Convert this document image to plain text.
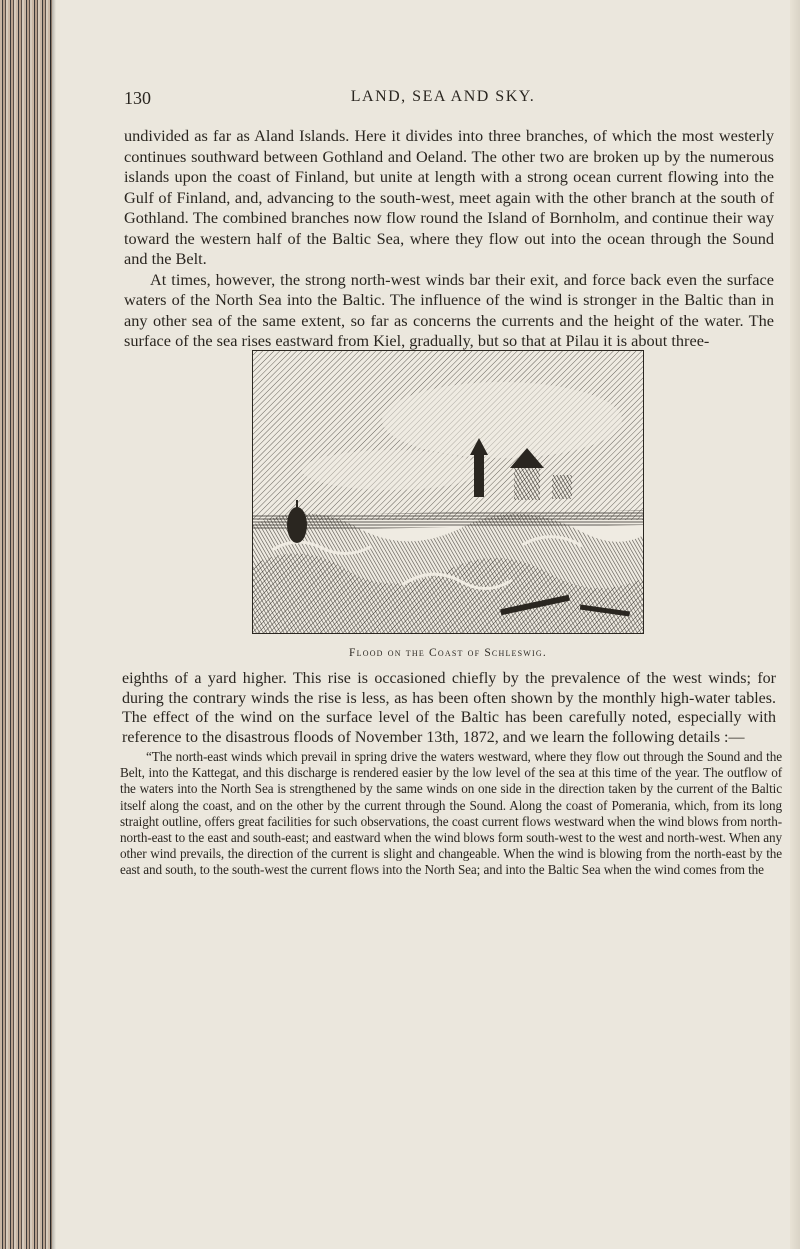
130	LAND, SEA AND SKY.

undivided as far as Aland Islands. Here it divides into three branches, of which the most westerly continues southward between Gothland and Oeland. The other two are broken up by the numerous islands upon the coast of Finland, but unite at length with a strong ocean current flowing into the Gulf of Finland, and, advancing to the south-west, meet again with the other branch at the south of Gothland. The combined branches now flow round the Island of Bornholm, and continue their way toward the western half of the Baltic Sea, where they flow out into the ocean through the Sound and the Belt.
At times, however, the strong north-west winds bar their exit, and force back even the surface waters of the North Sea into the Baltic. The influence of the wind is stronger in the Baltic than in any other sea of the same extent, so far as concerns the currents and the height of the water. The surface of the sea rises eastward from Kiel, gradually, but so that at Pilau it is about three-

Flood on the Coast of Schleswig.

eighths of a yard higher. This rise is occasioned chiefly by the prevalence of the west winds; for during the contrary winds the rise is less, as has been often shown by the monthly high-water tables. The effect of the wind on the surface level of the Baltic has been carefully noted, especially with reference to the disastrous floods of November 13th, 1872, and we learn the following details :—

“The north-east winds which prevail in spring drive the waters westward, where they flow out through the Sound and the Belt, into the Kattegat, and this discharge is rendered easier by the low level of the sea at this time of the year. The outflow of the waters into the North Sea is strengthened by the same winds on one side in the direction taken by the current of the Baltic itself along the coast, and on the other by the current through the Sound. Along the coast of Pomerania, which, from its long straight outline, offers great facilities for such observations, the coast current flows westward when the wind blows from north-north-east to the east and south-east; and eastward when the wind blows form south-west to the west and north-west. When any other wind prevails, the direction of the current is slight and changeable. When the wind is blowing from the north-east by the east and south, to the south-west the current flows into the North Sea; and into the Baltic Sea when the wind comes from the
